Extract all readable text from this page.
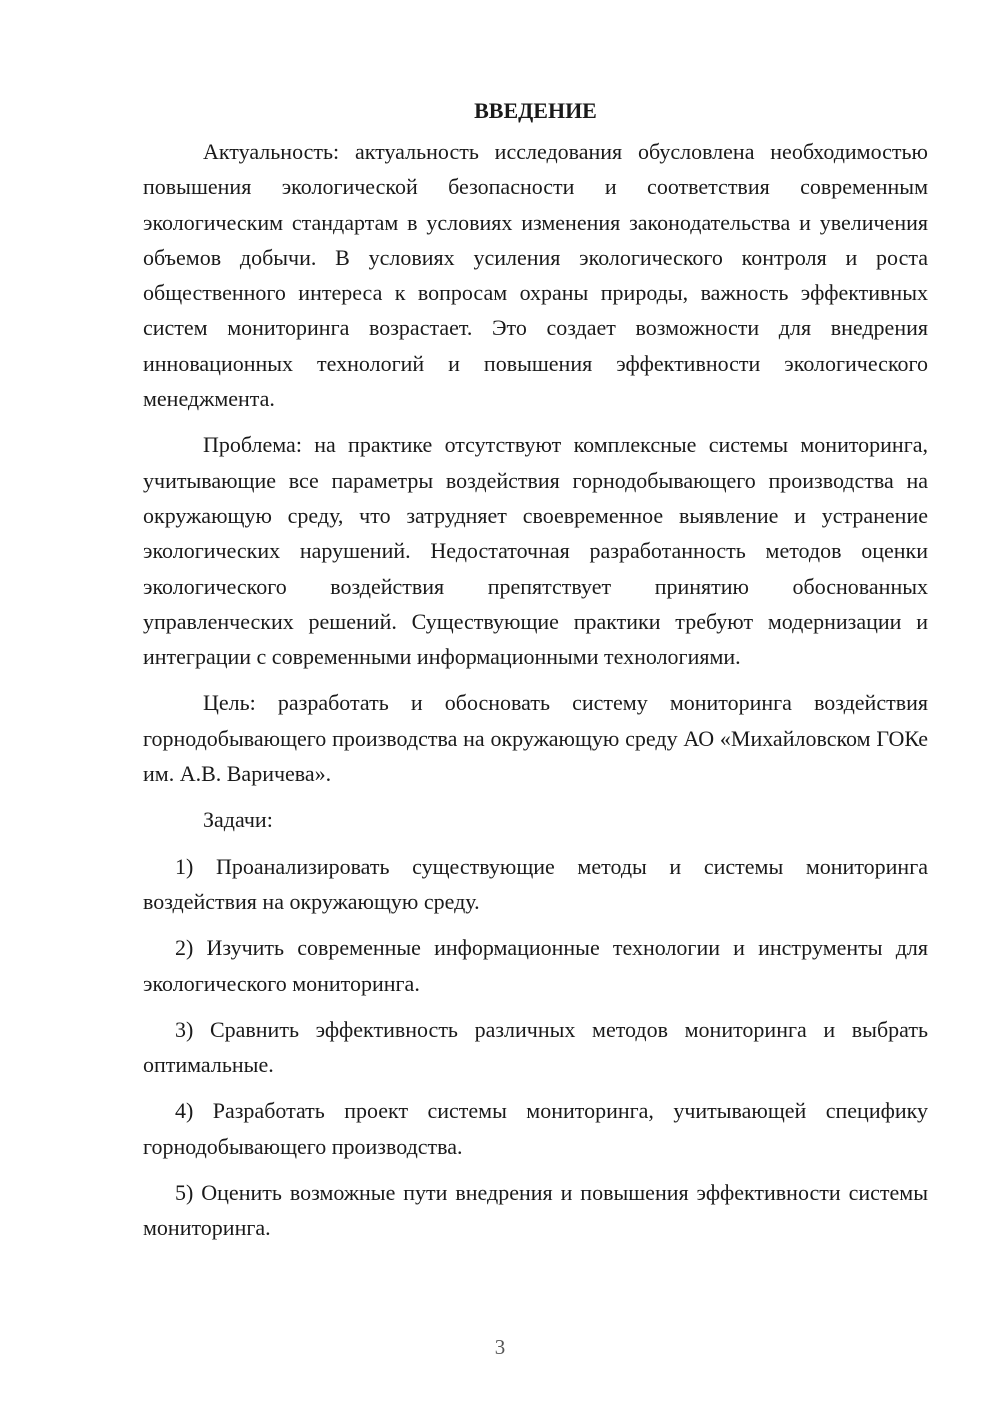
ВВЕДЕНИЕ

Актуальность: актуальность исследования обусловлена необходимостью повышения экологической безопасности и соответствия современным экологическим стандартам в условиях изменения законодательства и увеличения объемов добычи. В условиях усиления экологического контроля и роста общественного интереса к вопросам охраны природы, важность эффективных систем мониторинга возрастает. Это создает возможности для внедрения инновационных технологий и повышения эффективности экологического менеджмента.

Проблема: на практике отсутствуют комплексные системы мониторинга, учитывающие все параметры воздействия горнодобывающего производства на окружающую среду, что затрудняет своевременное выявление и устранение экологических нарушений. Недостаточная разработанность методов оценки экологического воздействия препятствует принятию обоснованных управленческих решений. Существующие практики требуют модернизации и интеграции с современными информационными технологиями.

Цель: разработать и обосновать систему мониторинга воздействия горнодобывающего производства на окружающую среду АО «Михайловском ГОКе им. А.В. Варичева».

Задачи:

1) Проанализировать существующие методы и системы мониторинга воздействия на окружающую среду.

2) Изучить современные информационные технологии и инструменты для экологического мониторинга.

3) Сравнить эффективность различных методов мониторинга и выбрать оптимальные.

4) Разработать проект системы мониторинга, учитывающей специфику горнодобывающего производства.

5) Оценить возможные пути внедрения и повышения эффективности системы мониторинга.

3
